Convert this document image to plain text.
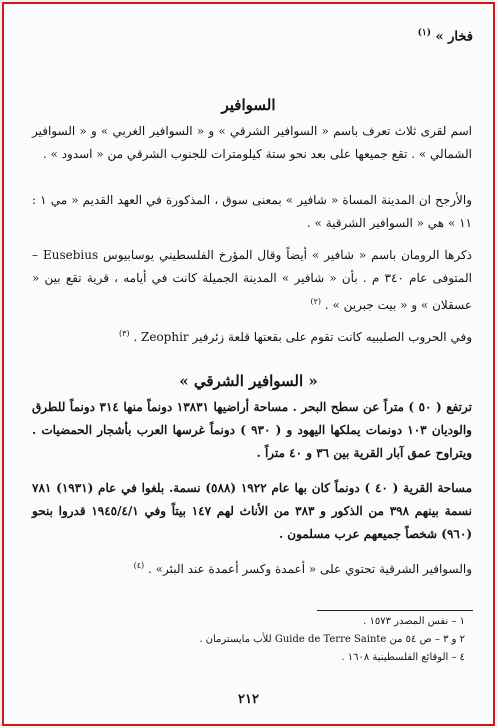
فخار » $^{(١)}$
السوافير

اسم لقرى ثلاث تعرف باسم « السوافير الشرقي » و « السوافير الغربي » و « السوافير الشمالي » . تقع جميعها على بعد نحو ستة كيلومترات للجنوب الشرقي من « اسدود » .

والأرجح ان المدينة المساة « شافير » بمعنى سوق ، المذكورة في العهد القديم « مي ١ : ١١ » هي « السوافير الشرقية » .

ذكرها الرومان باسم « شافير » أيضاً وقال المؤرخ الفلسطيني يوسابيوس Eusebius – المتوفى عام ٣٤٠ م . بأن « شافير » المدينة الجميلة كانت في أيامه ، قرية تقع بين « عسقلان » و « بيت جبرين » . $^{(٢)}$

وفي الحروب الصليبيه كانت تقوم على بقعتها قلعة زئرفير Zeophir . $^{(٣)}$

« السوافير الشرقي »

ترتفع ( ٥٠ ) متراً عن سطح البحر . مساحة أراضيها ١٣٨٣١ دونماً منها ٣١٤ دونماً للطرق والوديان ١٠٣ دونمات يملكها اليهود و ( ٩٣٠ ) دونماً غرسها العرب بأشجار الحمضيات . ويتراوح عمق آبار القرية بين ٣٦ و ٤٠ متراً .

مساحة القرية ( ٤٠ ) دونماً كان بها عام ١٩٢٢ (٥٨٨) نسمة. بلغوا في عام (١٩٣١) ٧٨١ نسمة بينهم ٣٩٨ من الذكور و ٣٨٣ من الأناث لهم ١٤٧ بيتاً وفي ١٩٤٥/٤/١ قدروا بنحو (٩٦٠) شخصاً جميعهم عرب مسلمون .

والسوافير الشرقية تحتوي على « أعمدة وكسر أعمدة عند البئر» . $^{(٤)}$

١ – نفس المصدر ١٥٧٣ .
٢ و ٣ – ص ٥٤ من Guide de Terre Sainte للأب مايسترمان .
٤ – الوقائع الفلسطينية ١٦٠٨ .
٢١٢
